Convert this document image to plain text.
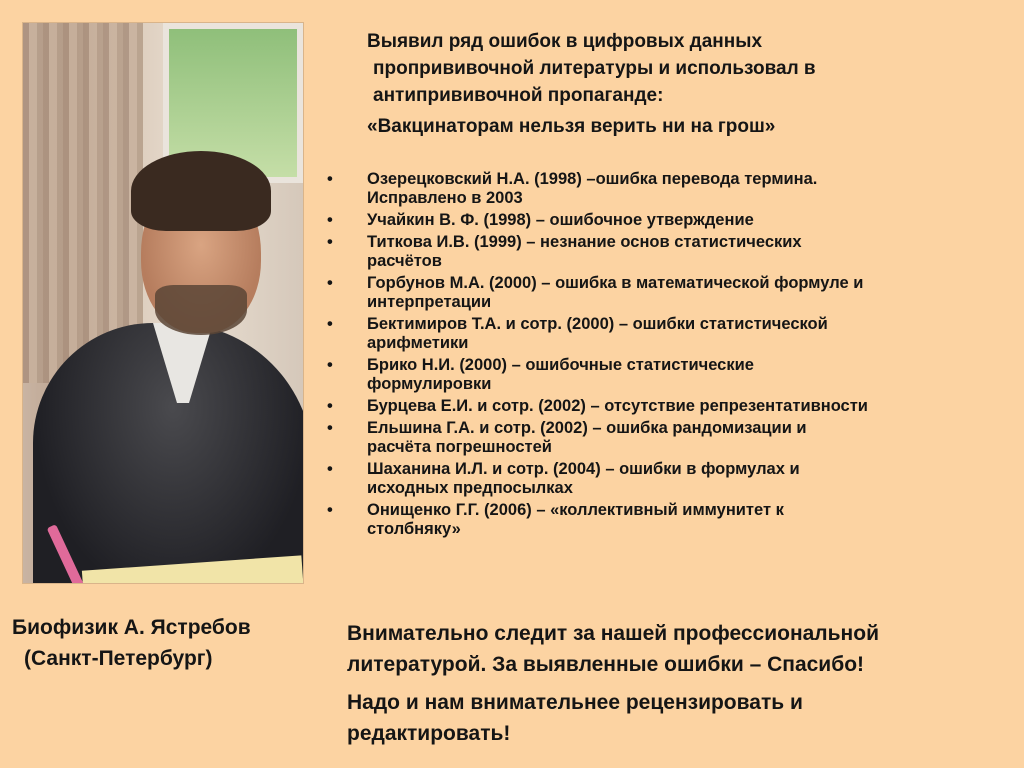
Выявил ряд ошибок в цифровых данных
пропрививочной литературы и использовал в
антипрививочной пропаганде:
«Вакцинаторам нельзя верить ни на грош»
• Озерецковский Н.А. (1998) –ошибка перевода термина.
Исправлено в 2003
• Учайкин В. Ф. (1998) – ошибочное утверждение
• Титкова И.В. (1999) – незнание основ статистических
расчётов
• Горбунов М.А. (2000) – ошибка в математической формуле и
интерпретации
• Бектимиров Т.А. и сотр. (2000) – ошибки статистической
арифметики
• Брико Н.И. (2000) – ошибочные статистические
формулировки
• Бурцева Е.И. и сотр. (2002) – отсутствие репрезентативности
• Ельшина Г.А. и сотр. (2002) – ошибка рандомизации и
расчёта погрешностей
• Шаханина И.Л. и сотр. (2004) – ошибки в формулах и
исходных предпосылках
• Онищенко Г.Г. (2006) – «коллективный иммунитет к
столбняку»
Биофизик А. Ястребов
(Санкт-Петербург)
Внимательно следит за нашей профессиональной
литературой. За выявленные ошибки – Спасибо!
Надо и нам внимательнее рецензировать и
редактировать!
